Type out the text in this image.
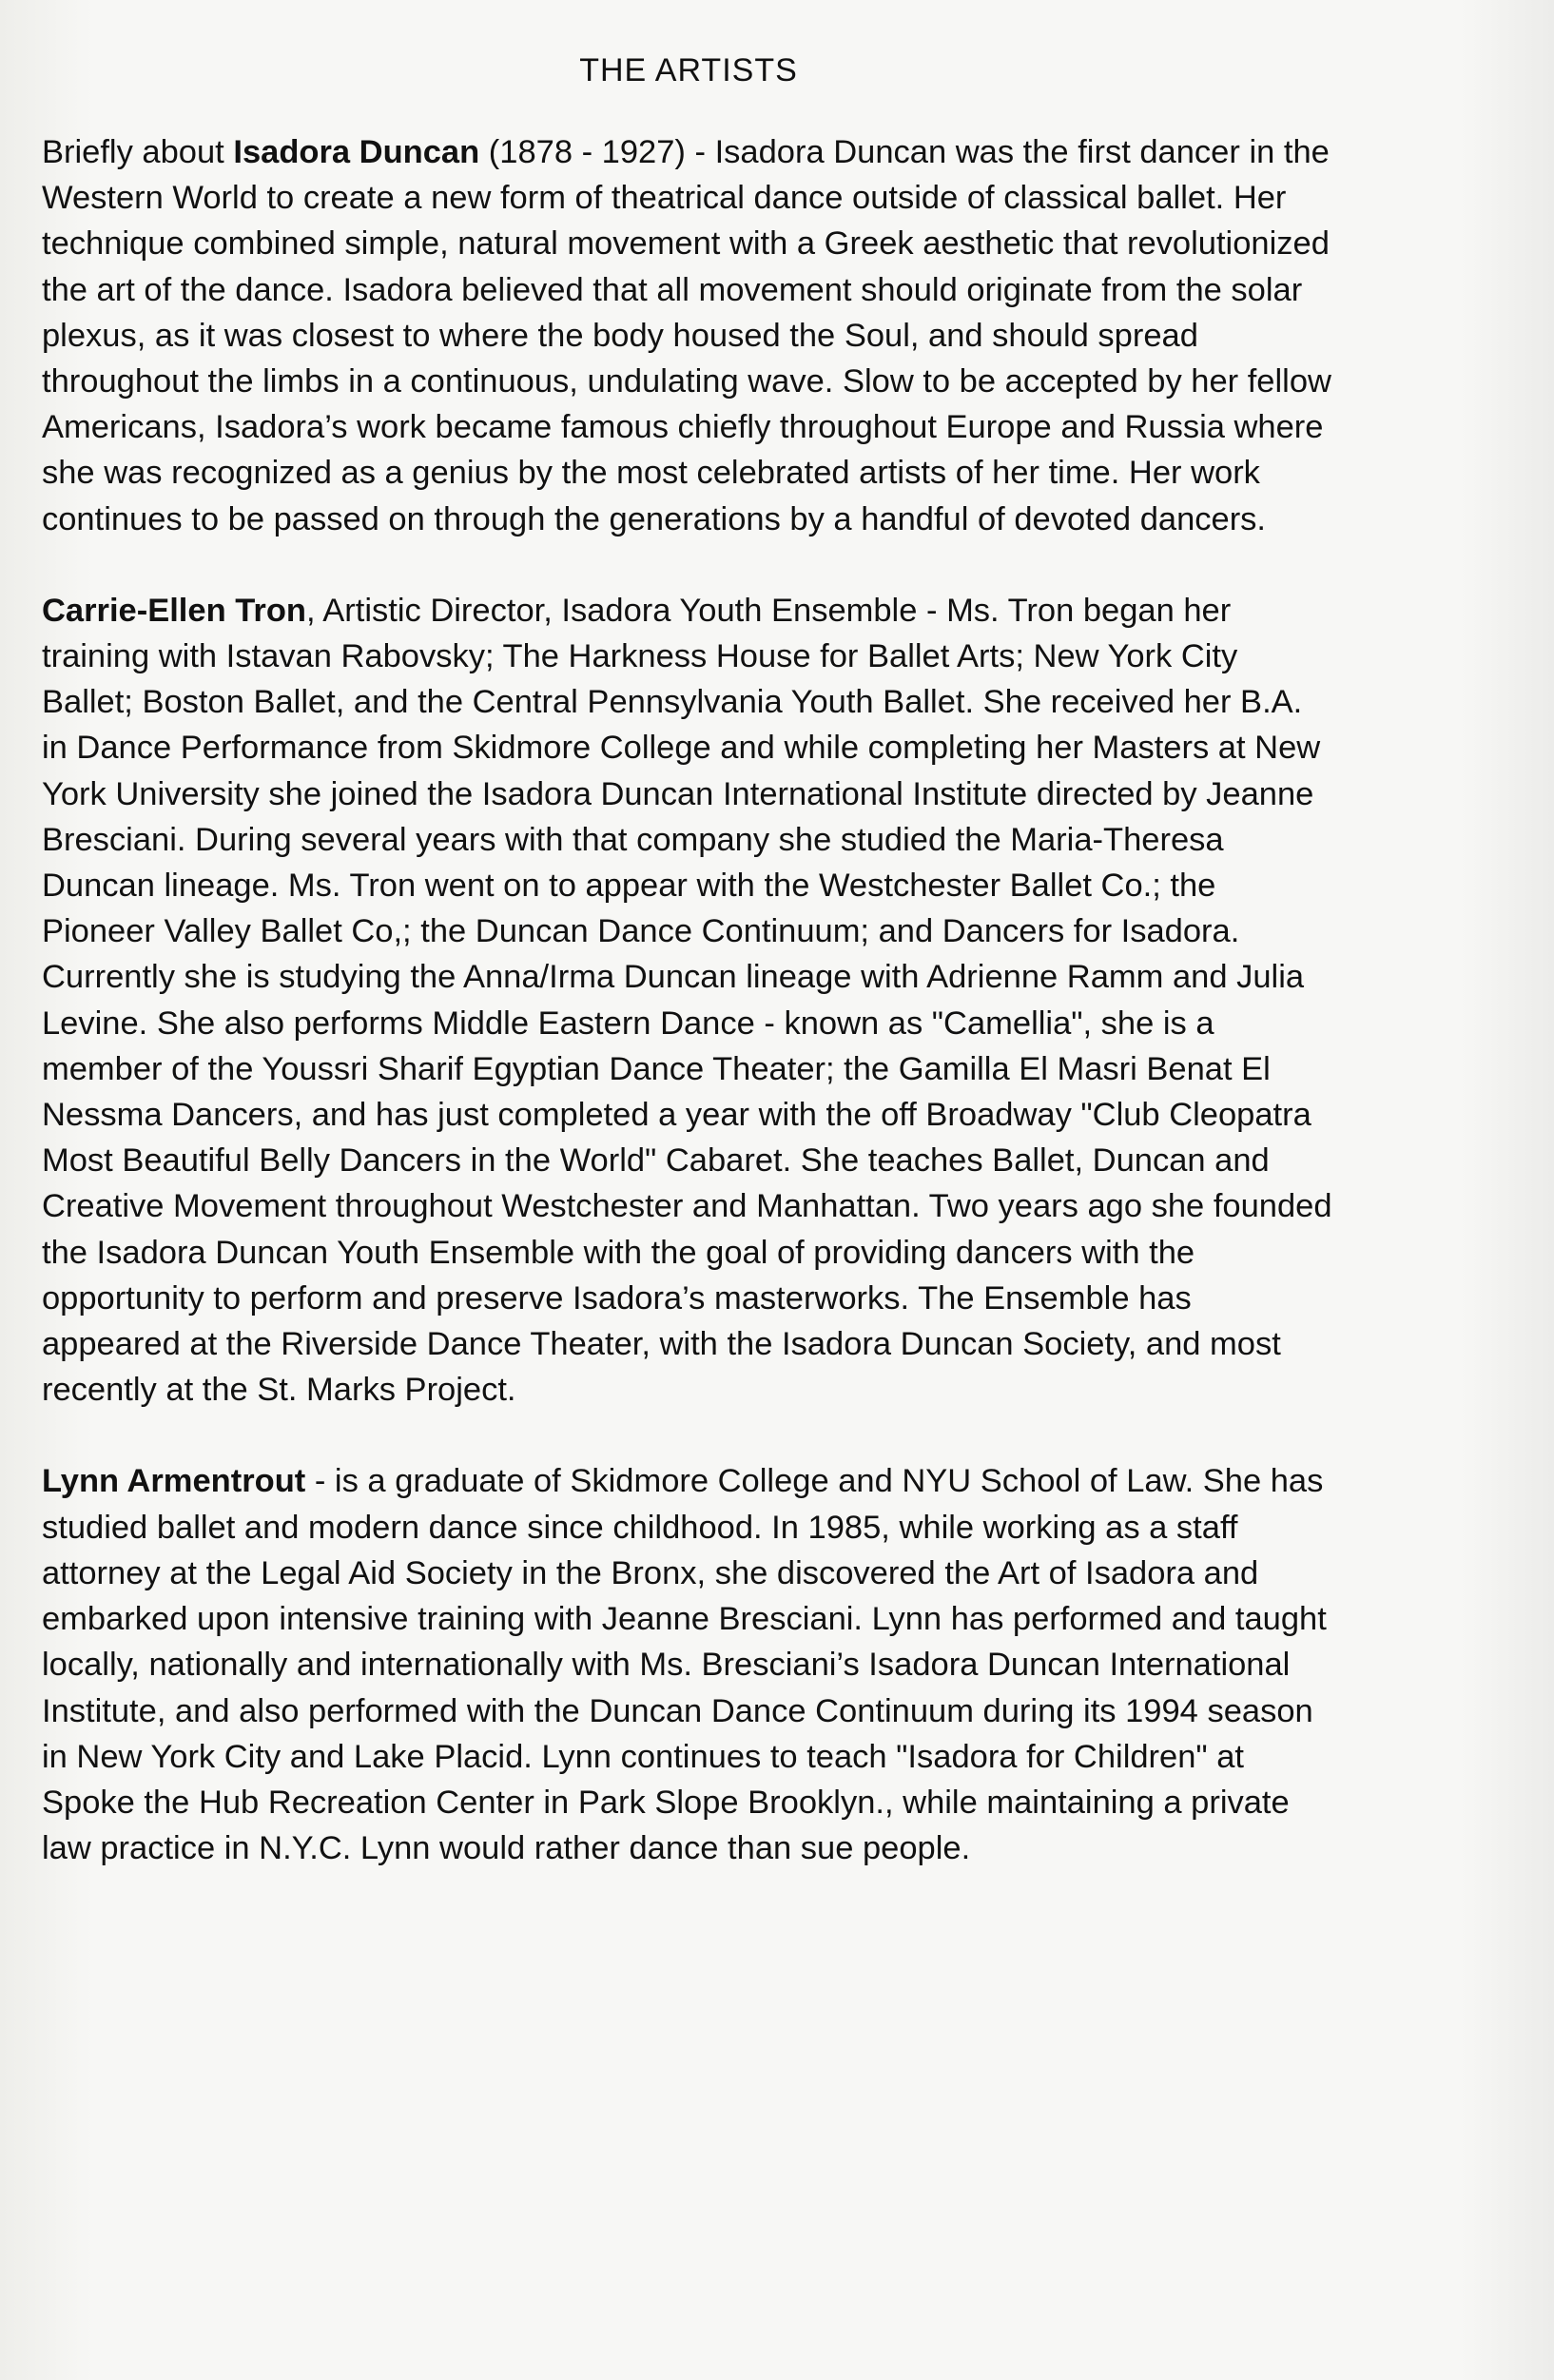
THE ARTISTS

Briefly about Isadora Duncan (1878 - 1927) - Isadora Duncan was the first dancer in the Western World to create a new form of theatrical dance outside of classical ballet. Her technique combined simple, natural movement with a Greek aesthetic that revolutionized the art of the dance. Isadora believed that all movement should originate from the solar plexus, as it was closest to where the body housed the Soul, and should spread throughout the limbs in a continuous, undulating wave. Slow to be accepted by her fellow Americans, Isadora’s work became famous chiefly throughout Europe and Russia where she was recognized as a genius by the most celebrated artists of her time. Her work continues to be passed on through the generations by a handful of devoted dancers.

Carrie-Ellen Tron, Artistic Director, Isadora Youth Ensemble - Ms. Tron began her training with Istavan Rabovsky; The Harkness House for Ballet Arts; New York City Ballet; Boston Ballet, and the Central Pennsylvania Youth Ballet. She received her B.A. in Dance Performance from Skidmore College and while completing her Masters at New York University she joined the Isadora Duncan International Institute directed by Jeanne Bresciani. During several years with that company she studied the Maria-Theresa Duncan lineage. Ms. Tron went on to appear with the Westchester Ballet Co.; the Pioneer Valley Ballet Co,; the Duncan Dance Continuum; and Dancers for Isadora. Currently she is studying the Anna/Irma Duncan lineage with Adrienne Ramm and Julia Levine. She also performs Middle Eastern Dance - known as "Camellia", she is a member of the Youssri Sharif Egyptian Dance Theater; the Gamilla El Masri Benat El Nessma Dancers, and has just completed a year with the off Broadway "Club Cleopatra Most Beautiful Belly Dancers in the World" Cabaret. She teaches Ballet, Duncan and Creative Movement throughout Westchester and Manhattan. Two years ago she founded the Isadora Duncan Youth Ensemble with the goal of providing dancers with the opportunity to perform and preserve Isadora’s masterworks. The Ensemble has appeared at the Riverside Dance Theater, with the Isadora Duncan Society, and most recently at the St. Marks Project.

Lynn Armentrout - is a graduate of Skidmore College and NYU School of Law. She has studied ballet and modern dance since childhood. In 1985, while working as a staff attorney at the Legal Aid Society in the Bronx, she discovered the Art of Isadora and embarked upon intensive training with Jeanne Bresciani. Lynn has performed and taught locally, nationally and internationally with Ms. Bresciani’s Isadora Duncan International Institute, and also performed with the Duncan Dance Continuum during its 1994 season in New York City and Lake Placid. Lynn continues to teach "Isadora for Children" at Spoke the Hub Recreation Center in Park Slope Brooklyn., while maintaining a private law practice in N.Y.C. Lynn would rather dance than sue people.
